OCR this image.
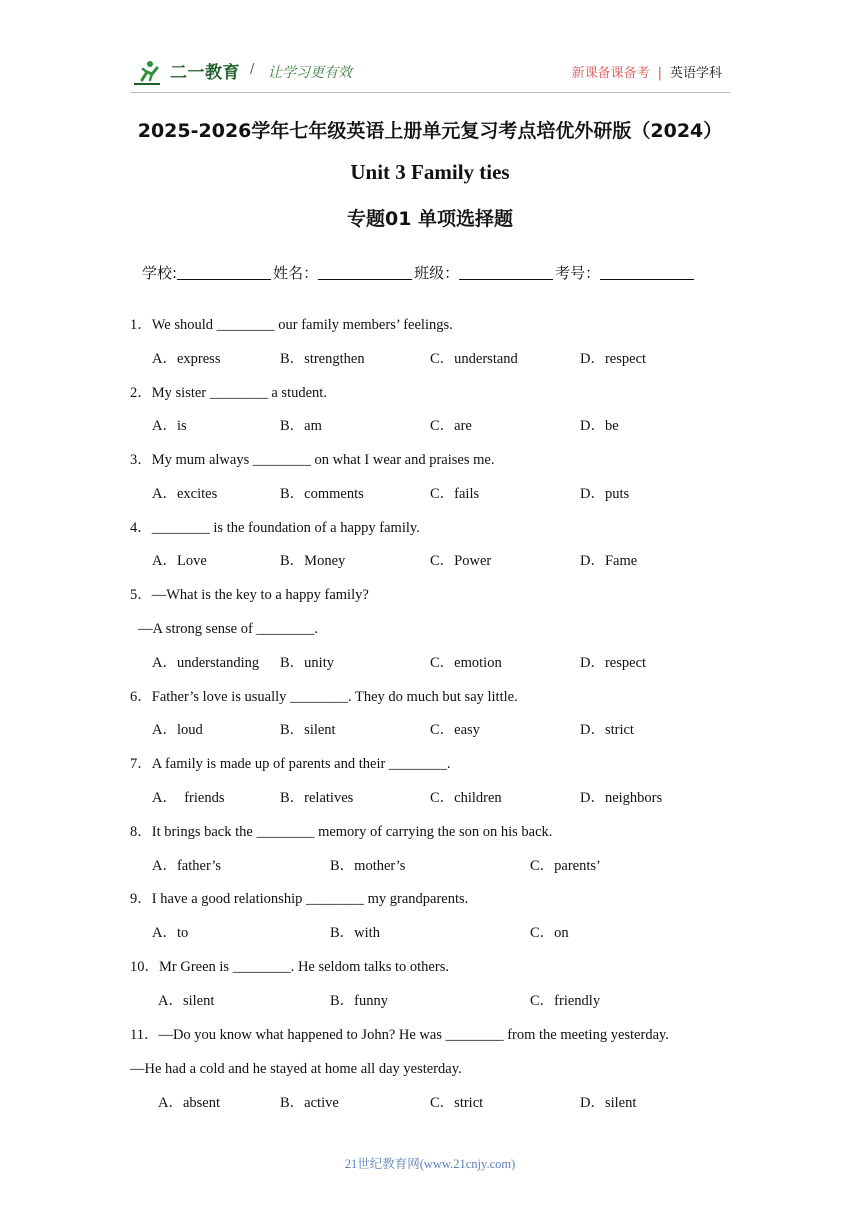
二一教育 / 让学习更有效	新课备课备考 | 英语学科
2025-2026学年七年级英语上册单元复习考点培优外研版（2024）
Unit 3 Family ties
专题01 单项选择题
学校:	姓名：	班级：	考号：
1．We should ________ our family members’ feelings.
A．express	B．strengthen	C．understand	D．respect
2．My sister ________ a student.
A．is	B．am	C．are	D．be
3．My mum always ________ on what I wear and praises me.
A．excites	B．comments	C．fails	D．puts
4．________ is the foundation of a happy family.
A．Love	B．Money	C．Power	D．Fame
5．—What is the key to a happy family?
—A strong sense of ________.
A．understanding B．unity	C．emotion	D．respect
6．Father’s love is usually ________. They do much but say little.
A．loud	B．silent	C．easy	D．strict
7．A family is made up of parents and their ________.
A．  friends	B．relatives	C．children	D．neighbors
8．It brings back the ________ memory of carrying the son on his back.
A．father’s	B．mother’s	C．parents’
9．I have a good relationship ________ my grandparents.
A．to	B．with	C．on
10．Mr Green is ________. He seldom talks to others.
A．silent	B．funny	C．friendly
11．—Do you know what happened to John? He was ________ from the meeting yesterday.
—He had a cold and he stayed at home all day yesterday.
A．absent	B．active	C．strict	D．silent
21世纪教育网(www.21cnjy.com)
